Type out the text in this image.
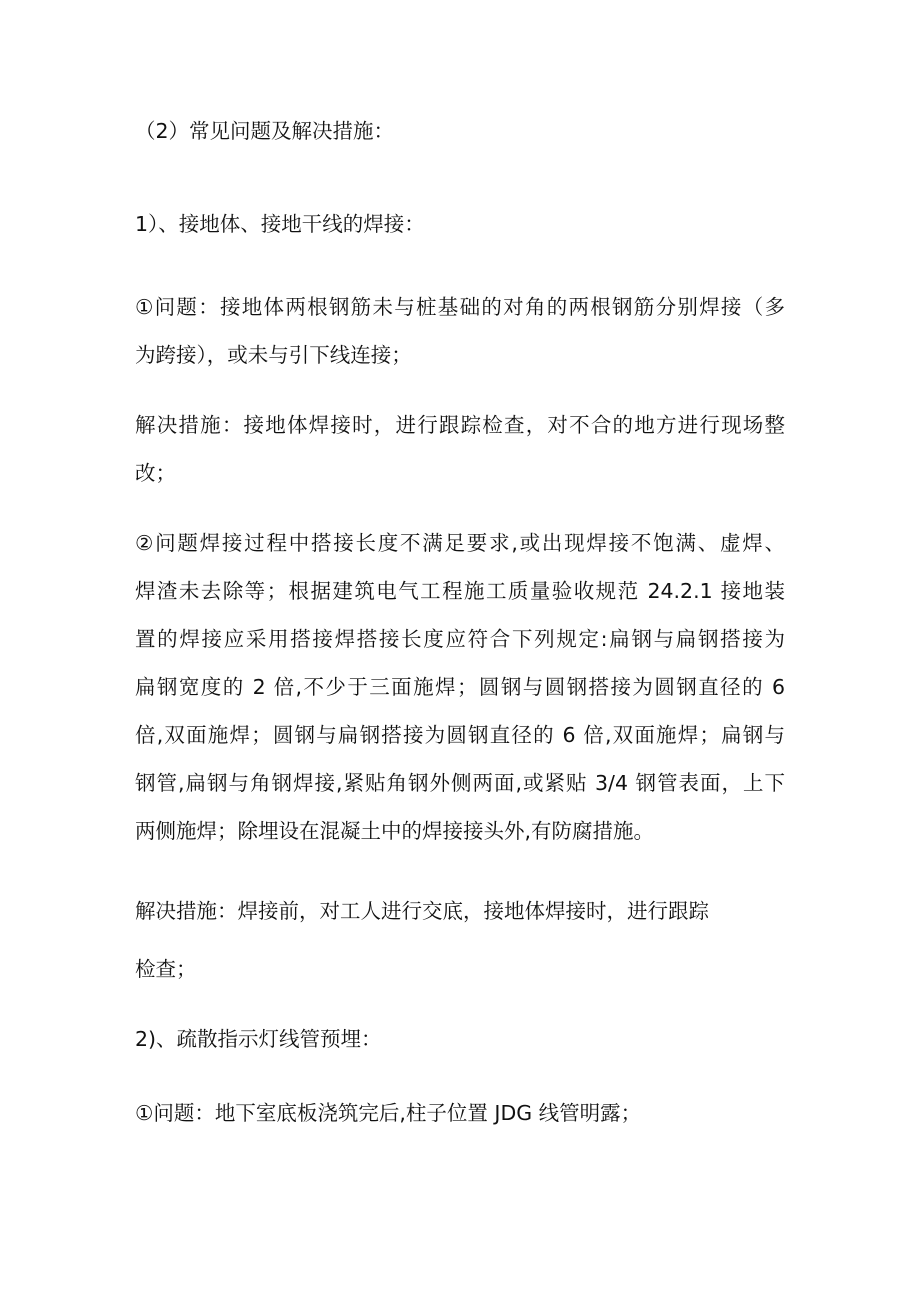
（2）常见问题及解决措施：

1）、接地体、接地干线的焊接：

①问题：接地体两根钢筋未与桩基础的对角的两根钢筋分别焊接（多

为跨接），或未与引下线连接；

解决措施：接地体焊接时，进行跟踪检查，对不合的地方进行现场整

改；

②问题焊接过程中搭接长度不满足要求,或出现焊接不饱满、虚焊、

焊渣未去除等；根据建筑电气工程施工质量验收规范 24.2.1 接地装

置的焊接应采用搭接焊搭接长度应符合下列规定:扁钢与扁钢搭接为

扁钢宽度的 2 倍,不少于三面施焊；圆钢与圆钢搭接为圆钢直径的 6

倍,双面施焊；圆钢与扁钢搭接为圆钢直径的 6 倍,双面施焊；扁钢与

钢管,扁钢与角钢焊接,紧贴角钢外侧两面,或紧贴 3/4 钢管表面，上下

两侧施焊；除埋设在混凝土中的焊接接头外,有防腐措施。

解决措施：焊接前，对工人进行交底，接地体焊接时，进行跟踪

检查；

2)、疏散指示灯线管预埋：

①问题：地下室底板浇筑完后,柱子位置 JDG 线管明露；
